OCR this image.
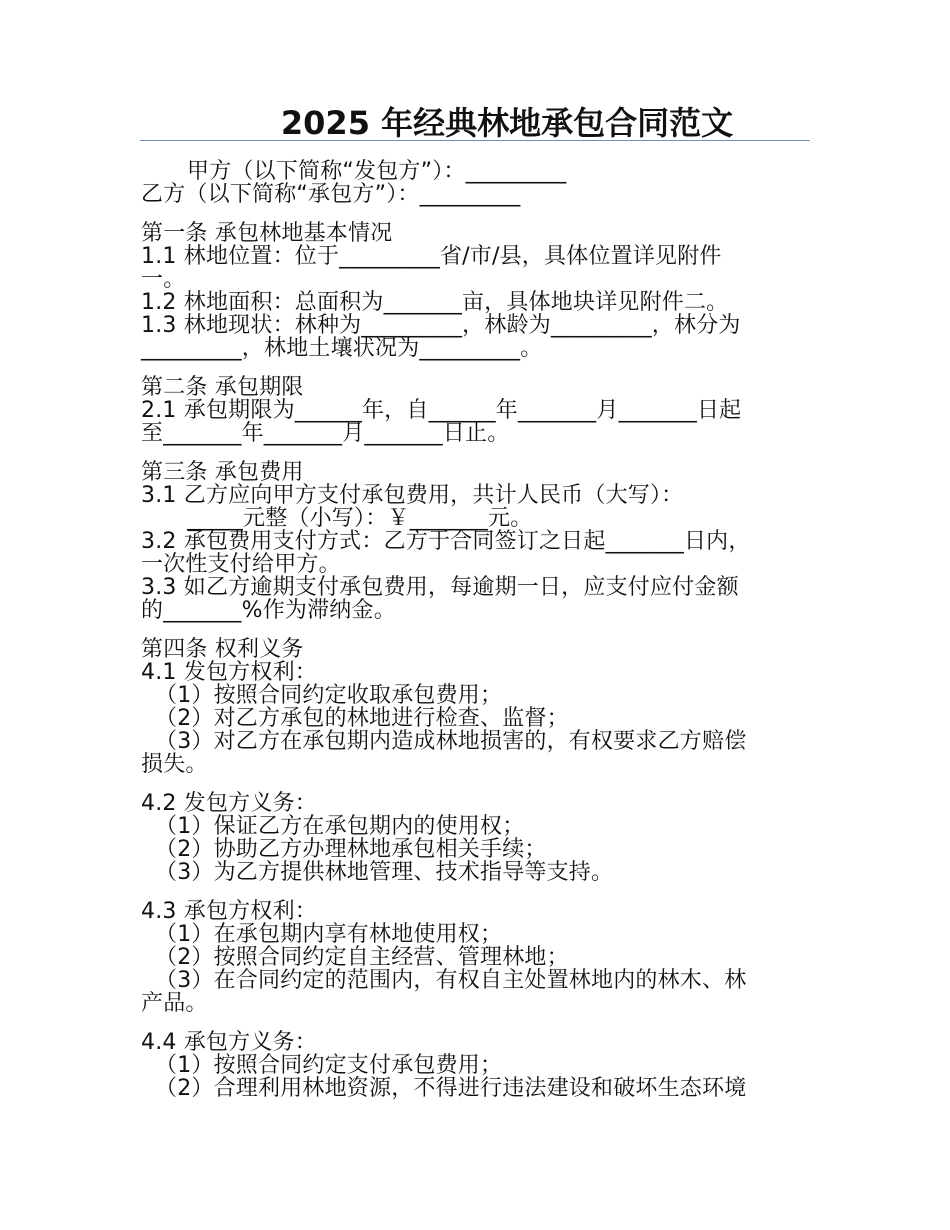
2025 年经典林地承包合同范文

甲方（以下简称“发包方”）：_________

乙方（以下简称“承包方”）：_________

第一条 承包林地基本情况

1.1 林地位置：位于_________省/市/县，具体位置详见附件

一。

1.2 林地面积：总面积为_______亩，具体地块详见附件二。

1.3 林地现状：林种为_________，林龄为_________，林分为

_________，林地土壤状况为_________。

第二条 承包期限

2.1 承包期限为______年，自______年_______月_______日起

至_______年_______月_______日止。

第三条 承包费用

3.1 乙方应向甲方支付承包费用，共计人民币（大写）：

_____元整（小写）：￥_______元。

3.2 承包费用支付方式：乙方于合同签订之日起_______日内，

一次性支付给甲方。

3.3 如乙方逾期支付承包费用，每逾期一日，应支付应付金额

的_______%作为滞纳金。

第四条 权利义务

4.1 发包方权利：

（1）按照合同约定收取承包费用；

（2）对乙方承包的林地进行检查、监督；

（3）对乙方在承包期内造成林地损害的，有权要求乙方赔偿

损失。

4.2 发包方义务：

（1）保证乙方在承包期内的使用权；

（2）协助乙方办理林地承包相关手续；

（3）为乙方提供林地管理、技术指导等支持。

4.3 承包方权利：

（1）在承包期内享有林地使用权；

（2）按照合同约定自主经营、管理林地；

（3）在合同约定的范围内，有权自主处置林地内的林木、林

产品。

4.4 承包方义务：

（1）按照合同约定支付承包费用；

（2）合理利用林地资源，不得进行违法建设和破坏生态环境
